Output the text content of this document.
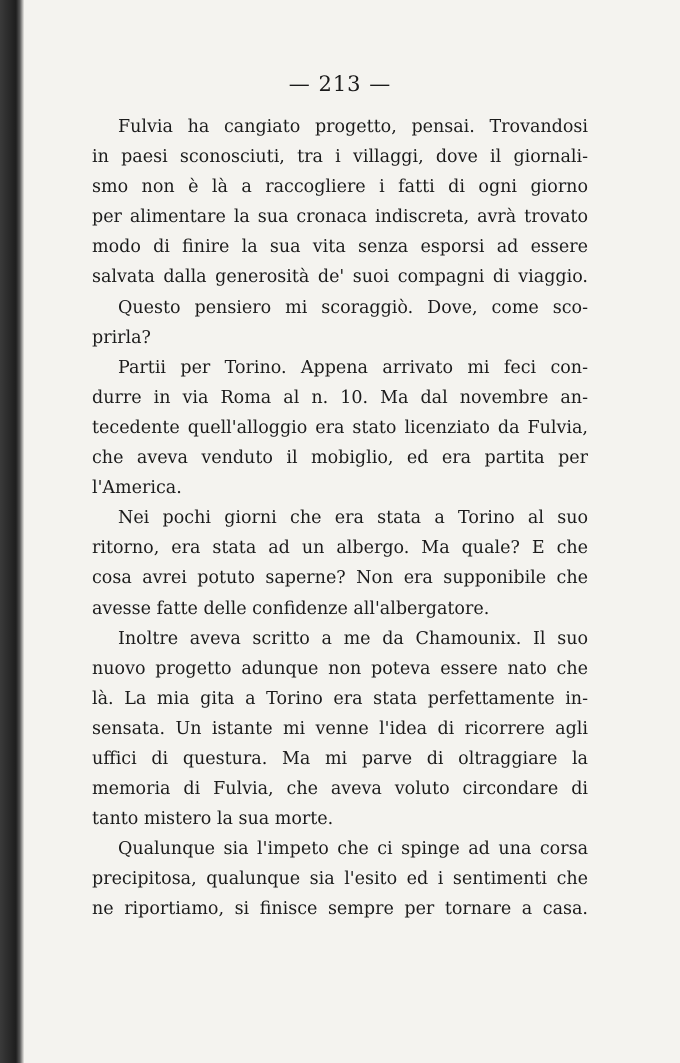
— 213 —
Fulvia ha cangiato progetto, pensai. Trovandosi
in paesi sconosciuti, tra i villaggi, dove il giornali-
smo non è là a raccogliere i fatti di ogni giorno
per alimentare la sua cronaca indiscreta, avrà trovato
modo di finire la sua vita senza esporsi ad essere
salvata dalla generosità de' suoi compagni di viaggio.
Questo pensiero mi scoraggiò. Dove, come sco-
prirla?
Partii per Torino. Appena arrivato mi feci con-
durre in via Roma al n. 10. Ma dal novembre an-
tecedente quell'alloggio era stato licenziato da Fulvia,
che aveva venduto il mobiglio, ed era partita per
l'America.
Nei pochi giorni che era stata a Torino al suo
ritorno, era stata ad un albergo. Ma quale? E che
cosa avrei potuto saperne? Non era supponibile che
avesse fatte delle confidenze all'albergatore.
Inoltre aveva scritto a me da Chamounix. Il suo
nuovo progetto adunque non poteva essere nato che
là. La mia gita a Torino era stata perfettamente in-
sensata. Un istante mi venne l'idea di ricorrere agli
uffici di questura. Ma mi parve di oltraggiare la
memoria di Fulvia, che aveva voluto circondare di
tanto mistero la sua morte.
Qualunque sia l'impeto che ci spinge ad una corsa
precipitosa, qualunque sia l'esito ed i sentimenti che
ne riportiamo, si finisce sempre per tornare a casa.
